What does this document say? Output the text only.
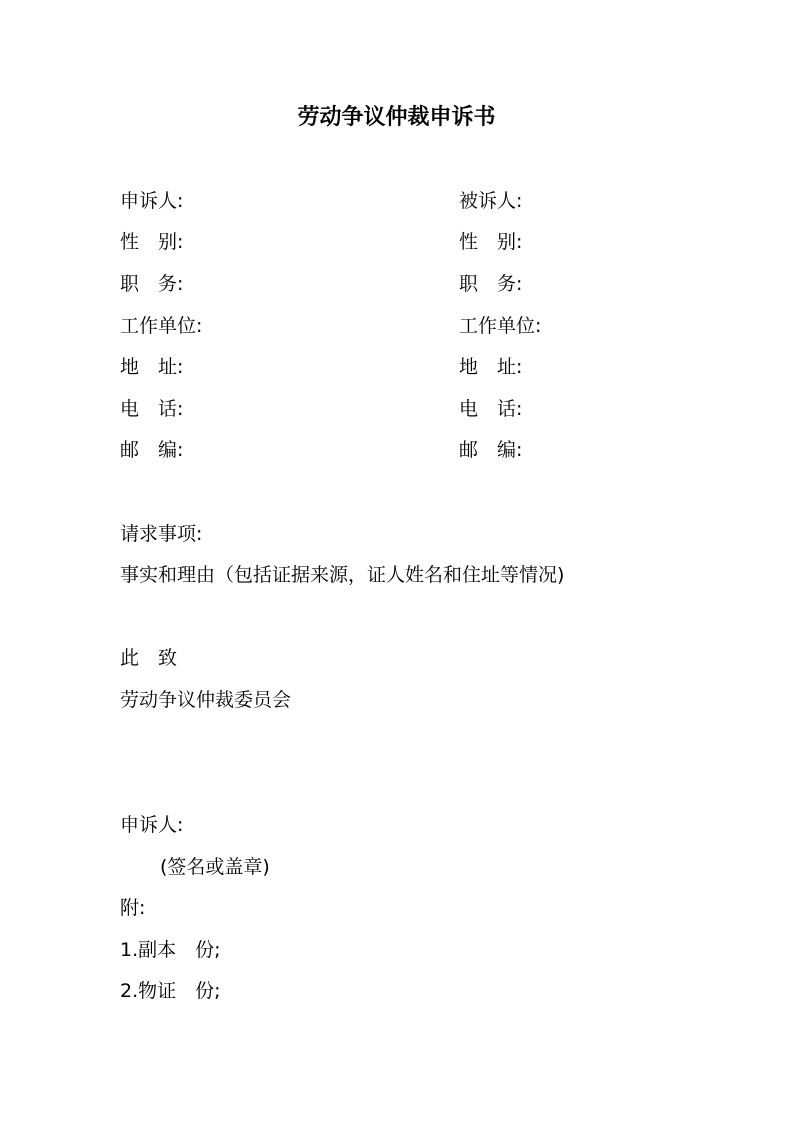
劳动争议仲裁申诉书
申诉人:
性　别:
职　务:
工作单位:
地　址:
电　话:
邮　编:
被诉人:
性　别:
职　务:
工作单位:
地　址:
电　话:
邮　编:
请求事项:
事实和理由（包括证据来源，证人姓名和住址等情况)
此　致
劳动争议仲裁委员会
申诉人:
(签名或盖章)
附:
1.副本　份;
2.物证　份;
